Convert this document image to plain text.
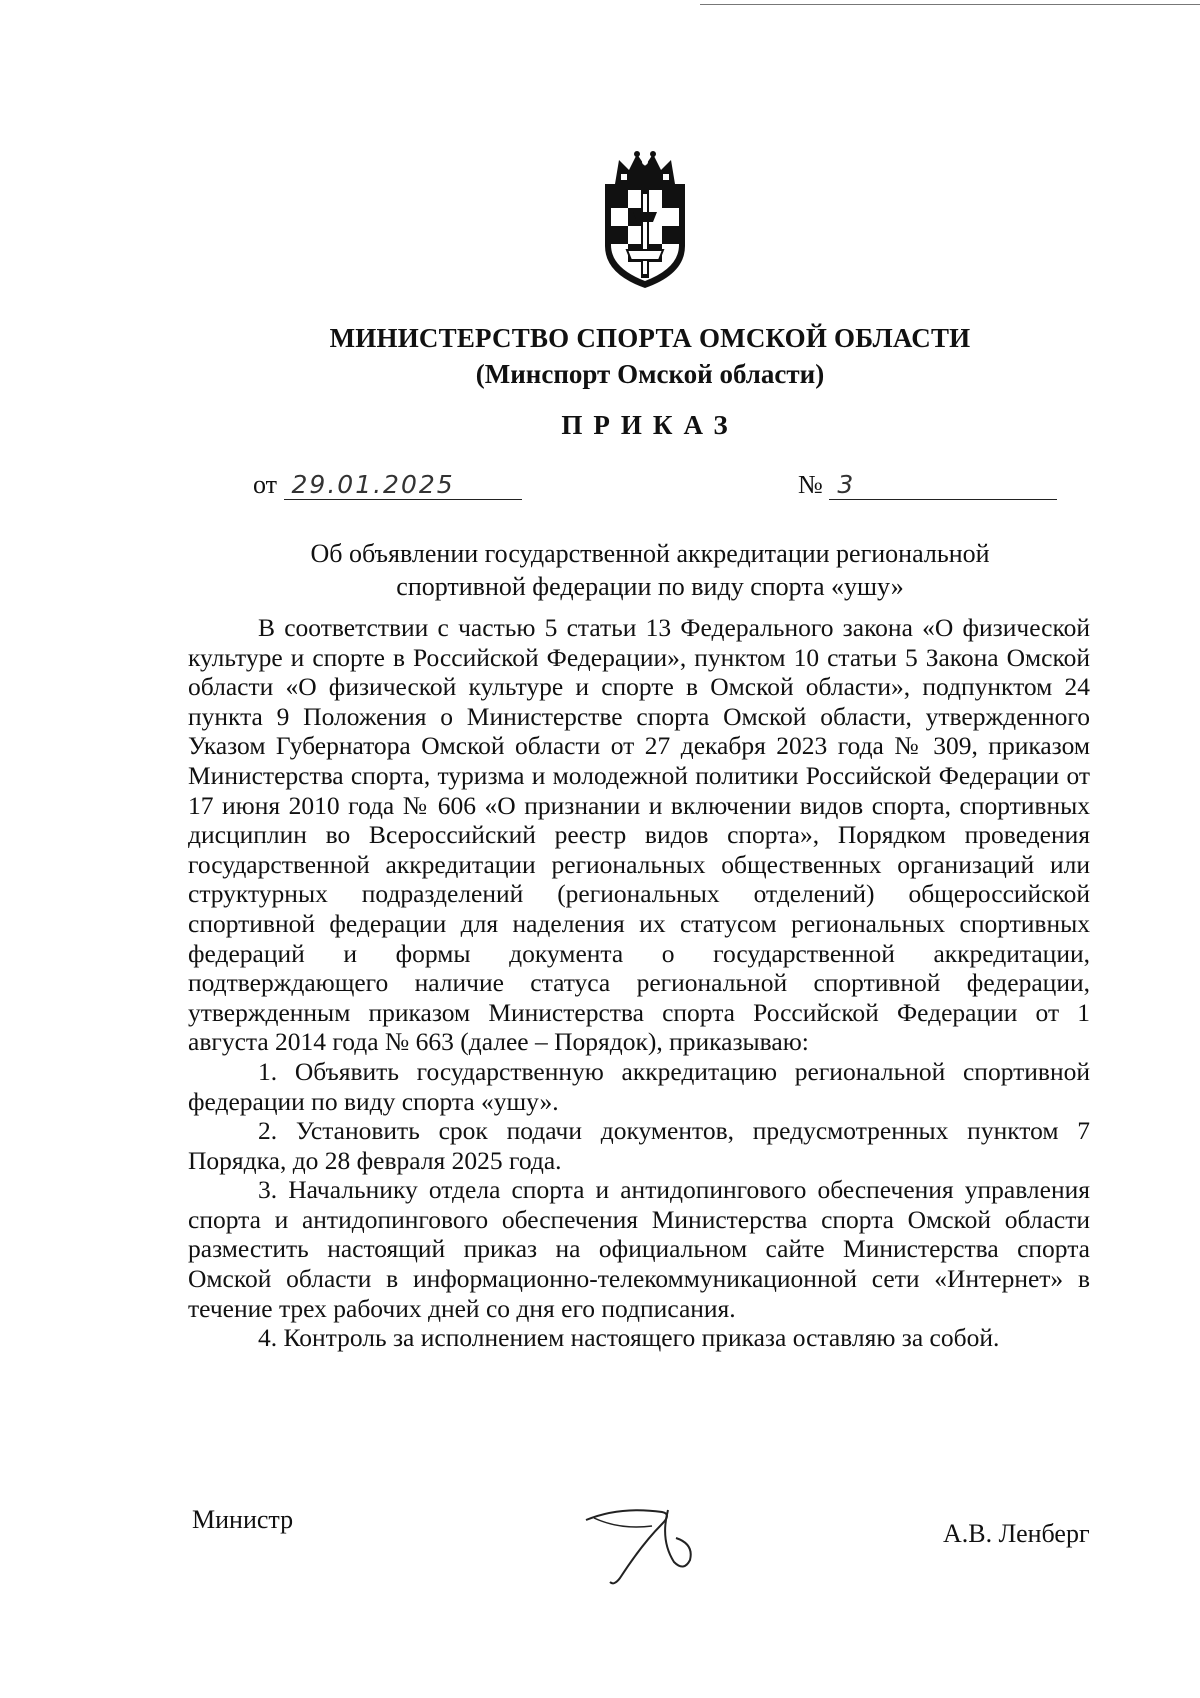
МИНИСТЕРСТВО СПОРТА ОМСКОЙ ОБЛАСТИ
(Минспорт Омской области)
ПРИКАЗ
от 29.01.2025	№ 3
Об объявлении государственной аккредитации региональной
спортивной федерации по виду спорта «ушу»

В соответствии с частью 5 статьи 13 Федерального закона «О физической культуре и спорте в Российской Федерации», пунктом 10 статьи 5 Закона Омской области «О физической культуре и спорте в Омской области», подпунктом 24 пункта 9 Положения о Министерстве спорта Омской области, утвержденного Указом Губернатора Омской области от 27 декабря 2023 года № 309, приказом Министерства спорта, туризма и молодежной политики Российской Федерации от 17 июня 2010 года № 606 «О признании и включении видов спорта, спортивных дисциплин во Всероссийский реестр видов спорта», Порядком проведения государственной аккредитации региональных общественных организаций или структурных подразделений (региональных отделений) общероссийской спортивной федерации для наделения их статусом региональных спортивных федераций и формы документа о государственной аккредитации, подтверждающего наличие статуса региональной спортивной федерации, утвержденным приказом Министерства спорта Российской Федерации от 1 августа 2014 года № 663 (далее – Порядок), приказываю:

1. Объявить государственную аккредитацию региональной спортивной федерации по виду спорта «ушу».

2. Установить срок подачи документов, предусмотренных пунктом 7 Порядка, до 28 февраля 2025 года.

3. Начальнику отдела спорта и антидопингового обеспечения управления спорта и антидопингового обеспечения Министерства спорта Омской области разместить настоящий приказ на официальном сайте Министерства спорта Омской области в информационно-телекоммуникационной сети «Интернет» в течение трех рабочих дней со дня его подписания.

4. Контроль за исполнением настоящего приказа оставляю за собой.

Министр	А.В. Ленберг
